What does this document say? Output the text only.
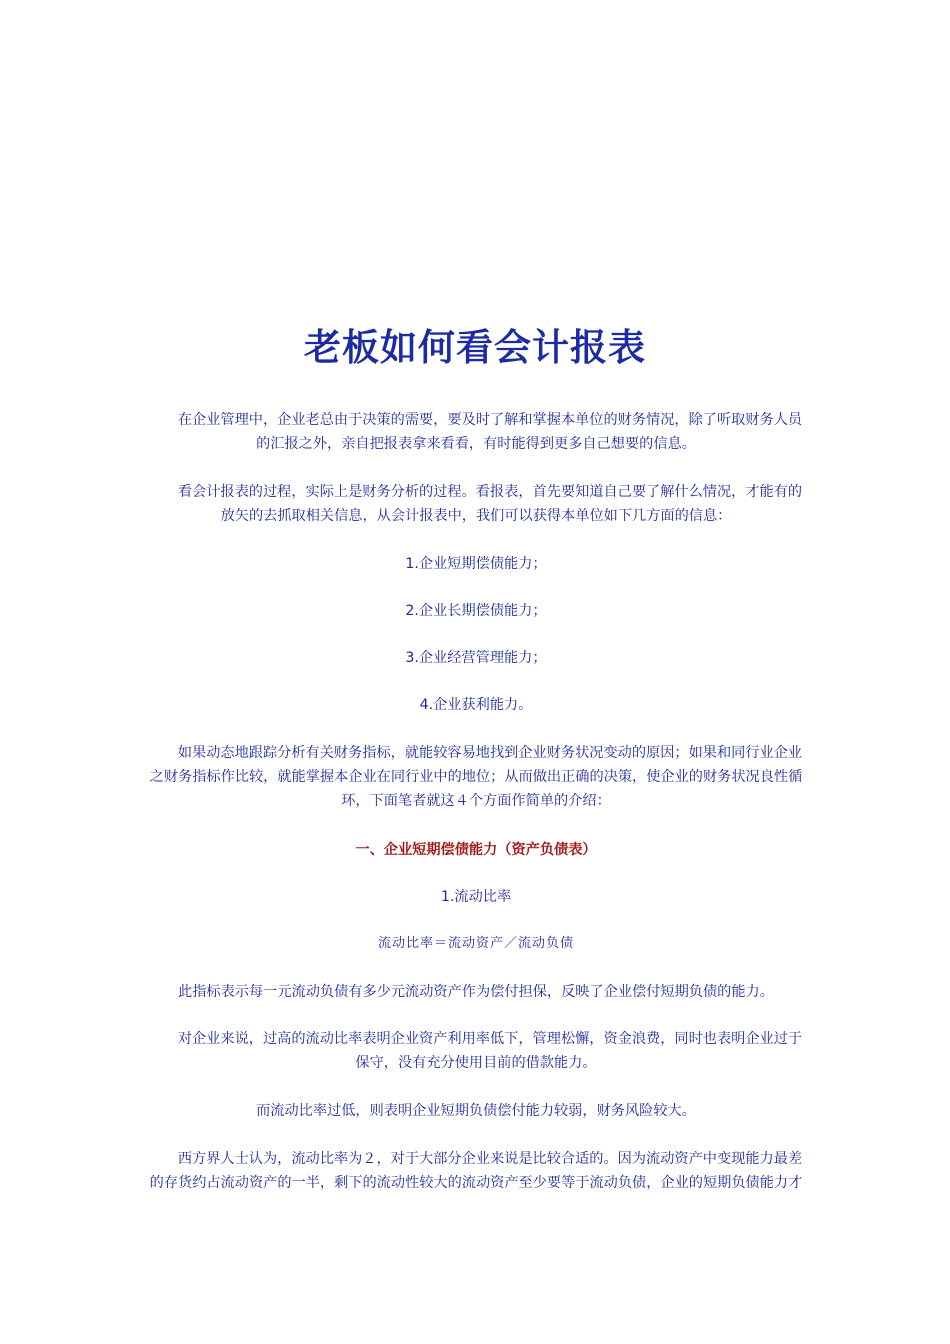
老板如何看会计报表
在企业管理中，企业老总由于决策的需要，要及时了解和掌握本单位的财务情况，除了听取财务人员的汇报之外，亲自把报表拿来看看，有时能得到更多自己想要的信息。
看会计报表的过程，实际上是财务分析的过程。看报表，首先要知道自己要了解什么情况，才能有的放矢的去抓取相关信息，从会计报表中，我们可以获得本单位如下几方面的信息：
1.企业短期偿债能力；
2.企业长期偿债能力；
3.企业经营管理能力；
4.企业获利能力。
如果动态地跟踪分析有关财务指标，就能较容易地找到企业财务状况变动的原因；如果和同行业企业之财务指标作比较，就能掌握本企业在同行业中的地位；从而做出正确的决策，使企业的财务状况良性循环，下面笔者就这４个方面作简单的介绍：
一、企业短期偿债能力（资产负债表）
1.流动比率
流动比率＝流动资产／流动负债
此指标表示每一元流动负债有多少元流动资产作为偿付担保，反映了企业偿付短期负债的能力。
对企业来说，过高的流动比率表明企业资产利用率低下，管理松懈，资金浪费，同时也表明企业过于保守，没有充分使用目前的借款能力。
而流动比率过低，则表明企业短期负债偿付能力较弱，财务风险较大。
西方界人士认为，流动比率为２，对于大部分企业来说是比较合适的。因为流动资产中变现能力最差的存货约占流动资产的一半，剩下的流动性较大的流动资产至少要等于流动负债，企业的短期负债能力才
